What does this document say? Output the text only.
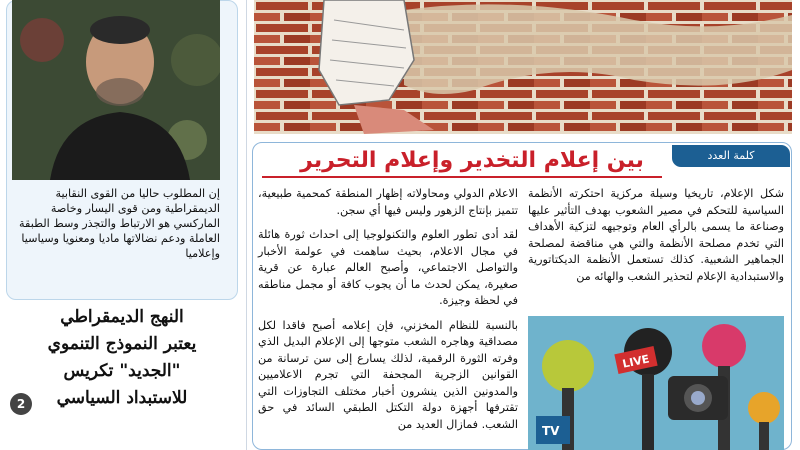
إن المطلوب حاليا من القوى النقابية الديمقراطية ومن قوى اليسار وخاصة الماركسي هو الارتباط والتجذر وسط الطبقة العاملة ودعم نضالاتها ماديا ومعنويا وسياسيا وإعلاميا
النهج الديمقراطي
يعتبر النموذج التنموي
"الجديد" تكريس
للاستبداد السياسي
2
كلمة العدد
بين إعلام التخدير وإعلام التحرير

شكل الإعلام، تاريخيا وسيلة مركزية احتكرته الأنظمة السياسية للتحكم في مصير الشعوب بهدف التأثير عليها وصناعة ما يسمى بالرأي العام وتوجيهه لتزكية الأهداف التي تخدم مصلحة الأنظمة والتي هي مناقضة لمصلحة الجماهير الشعبية. كذلك تستعمل الأنظمة الديكتاتورية والاستبدادية الإعلام لتحذير الشعب والهائه من

الاعلام الدولي ومحاولاته إظهار المنطقة كمحمية طبيعية، تتميز بإنتاج الزهور وليس فيها أي سجن.

لقد أدى تطور العلوم والتكنولوجيا إلى احداث ثورة هائلة في مجال الاعلام، بحيث ساهمت في عولمة الأخبار والتواصل الاجتماعي، وأصبح العالم عبارة عن قرية صغيرة، يمكن لحدث ما أن يجوب كافة أو مجمل مناطقه في لحظة وجيزة.

بالنسبة للنظام المخزني، فإن إعلامه أصبح فاقدا لكل مصداقية وهاجره الشعب متوجها إلى الإعلام البديل الذي وفرته الثورة الرقمية، لذلك يسارع إلى سن ترسانة من القوانين الزجرية المجحفة التي تجرم الاعلاميين والمدونين الذين ينشرون أخبار مختلف التجاوزات التي تقترفها أجهزة دولة التكتل الطبقي السائد في حق الشعب. فمازال العديد من

LIVE
TV
